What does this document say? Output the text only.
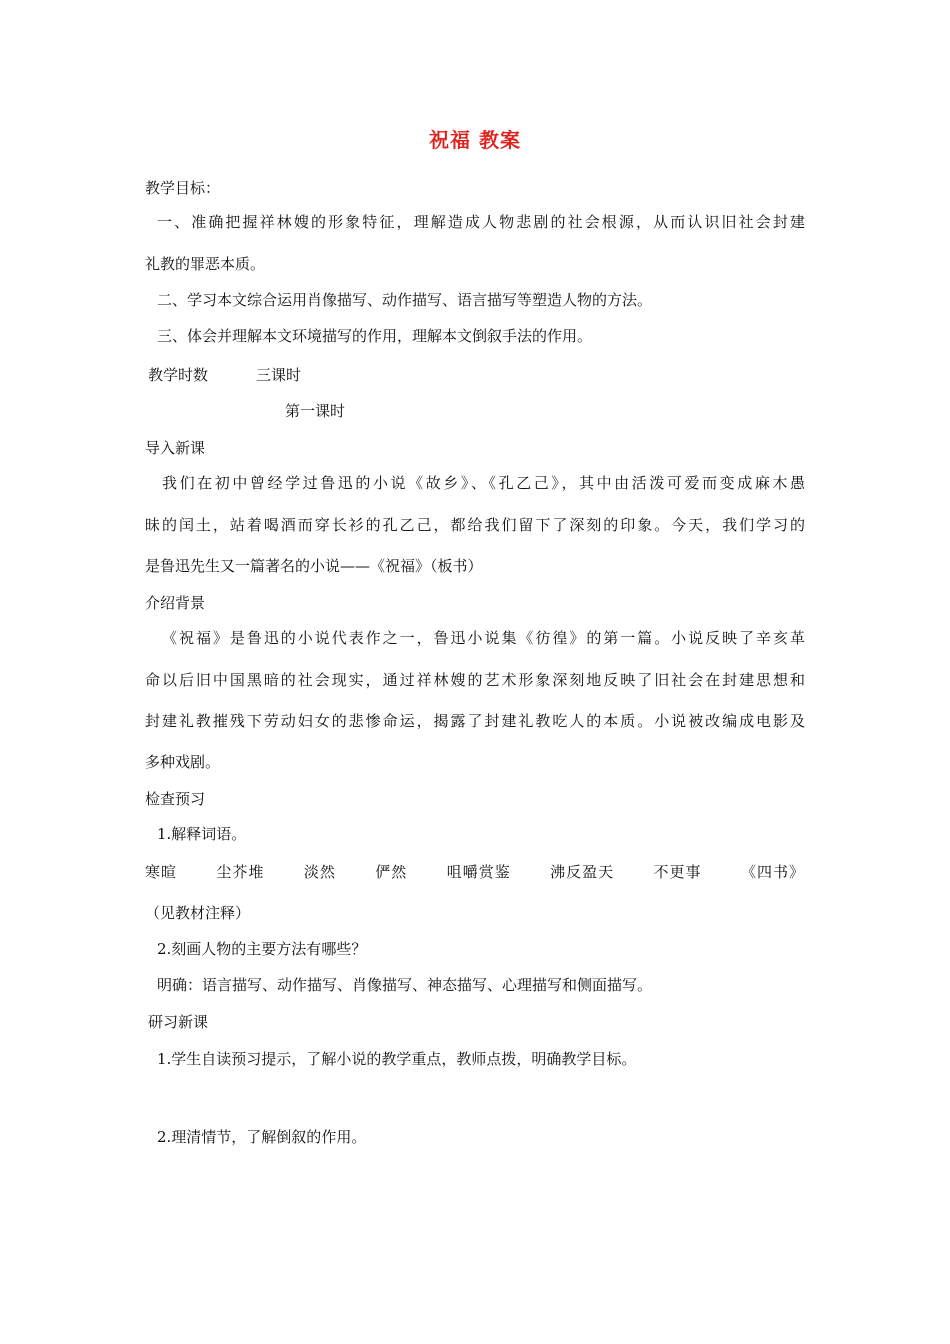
祝福 教案
教学目标：
一、准确把握祥林嫂的形象特征，理解造成人物悲剧的社会根源，从而认识旧社会封建
礼教的罪恶本质。
二、学习本文综合运用肖像描写、动作描写、语言描写等塑造人物的方法。
三、体会并理解本文环境描写的作用，理解本文倒叙手法的作用。
教学时数	三课时
第一课时
导入新课
我们在初中曾经学过鲁迅的小说《故乡》、《孔乙己》，其中由活泼可爱而变成麻木愚
昧的闰土，站着喝酒而穿长衫的孔乙己，都给我们留下了深刻的印象。今天，我们学习的
是鲁迅先生又一篇著名的小说——《祝福》（板书）
介绍背景
《祝福》是鲁迅的小说代表作之一，鲁迅小说集《彷徨》的第一篇。小说反映了辛亥革
命以后旧中国黑暗的社会现实，通过祥林嫂的艺术形象深刻地反映了旧社会在封建思想和
封建礼教摧残下劳动妇女的悲惨命运，揭露了封建礼教吃人的本质。小说被改编成电影及
多种戏剧。
检查预习
1.解释词语。
寒暄	尘芥堆	淡然	俨然	咀嚼赏鉴	沸反盈天	不更事	《四书》
（见教材注释）
2.刻画人物的主要方法有哪些？
明确：语言描写、动作描写、肖像描写、神态描写、心理描写和侧面描写。
研习新课
1.学生自读预习提示，了解小说的教学重点，教师点拨，明确教学目标。
2.理清情节，了解倒叙的作用。
